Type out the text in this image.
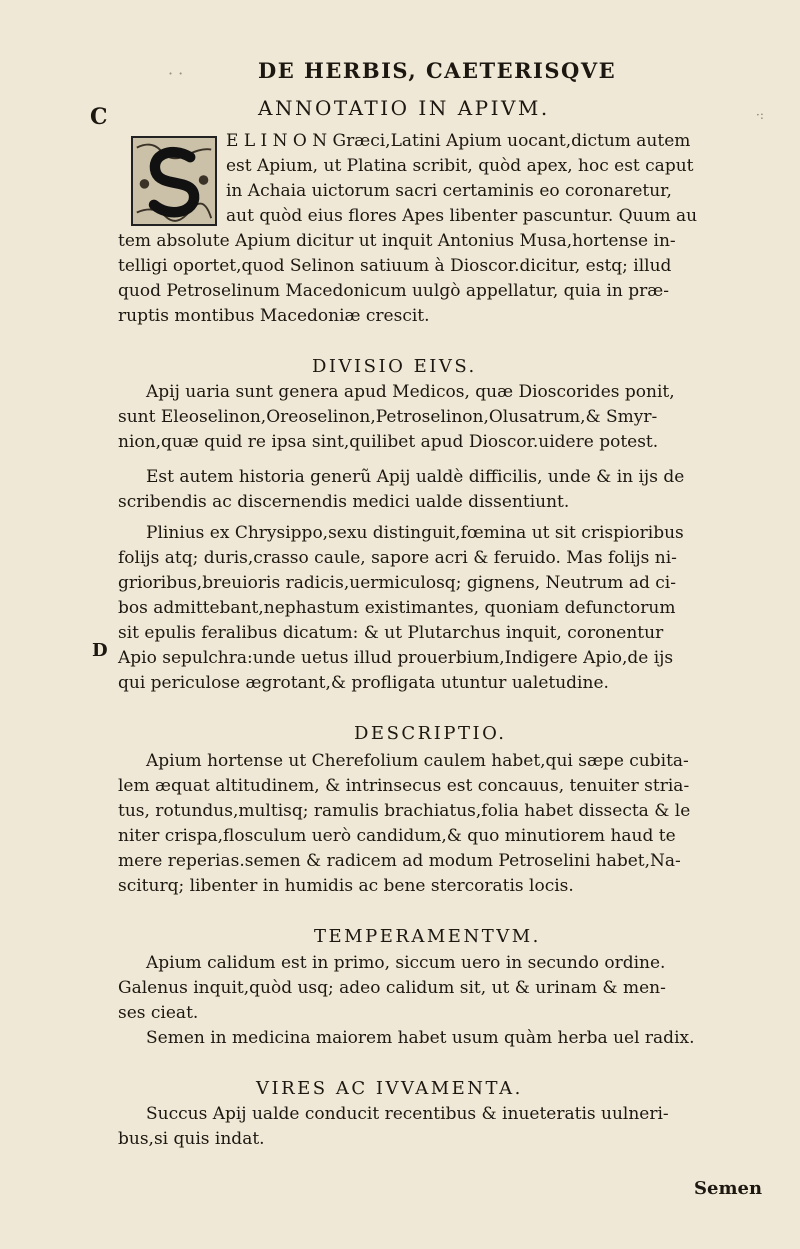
· ·	DE HERBIS, CAETERISQVE
C
D
·:
ANNOTATIO IN APIVM.
E L I N O N Græci,Latini Apium uocant,dictum autem
est Apium, ut Platina scribit, quòd apex, hoc est caput
in Achaia uictorum sacri certaminis eo coronaretur,
aut quòd eius flores Apes libenter pascuntur. Quum au
tem absolute Apium dicitur ut inquit Antonius Musa,hortense in-
telligi oportet,quod Selinon satiuum à Dioscor.dicitur, estq; illud
quod Petroselinum Macedonicum uulgò appellatur, quia in præ-
ruptis montibus Macedoniæ crescit.
DIVISIO EIVS.
Apij uaria sunt genera apud Medicos, quæ Dioscorides ponit,
sunt Eleoselinon,Oreoselinon,Petroselinon,Olusatrum,& Smyr-
nion,quæ quid re ipsa sint,quilibet apud Dioscor.uidere potest.
Est autem historia generũ Apij ualdè difficilis, unde & in ijs de
scribendis ac discernendis medici ualde dissentiunt.
Plinius ex Chrysippo,sexu distinguit,fœmina ut sit crispioribus
folijs atq; duris,crasso caule, sapore acri & feruido. Mas folijs ni-
grioribus,breuioris radicis,uermiculosq; gignens, Neutrum ad ci-
bos admittebant,nephastum existimantes, quoniam defunctorum
sit epulis feralibus dicatum: & ut Plutarchus inquit, coronentur
Apio sepulchra:unde uetus illud prouerbium,Indigere Apio,de ijs
qui periculose ægrotant,& profligata utuntur ualetudine.
DESCRIPTIO.
Apium hortense ut Cherefolium caulem habet,qui sæpe cubita-
lem æquat altitudinem, & intrinsecus est concauus, tenuiter stria-
tus, rotundus,multisq; ramulis brachiatus,folia habet dissecta & le
niter crispa,flosculum uerò candidum,& quo minutiorem haud te
mere reperias.semen & radicem ad modum Petroselini habet,Na-
sciturq; libenter in humidis ac bene stercoratis locis.
TEMPERAMENTVM.
Apium calidum est in primo, siccum uero in secundo ordine.
Galenus inquit,quòd usq; adeo calidum sit, ut & urinam & men-
ses cieat.
Semen in medicina maiorem habet usum quàm herba uel radix.
VIRES AC IVVAMENTA.
Succus Apij ualde conducit recentibus & inueteratis uulneri-
bus,si quis indat.
Semen
